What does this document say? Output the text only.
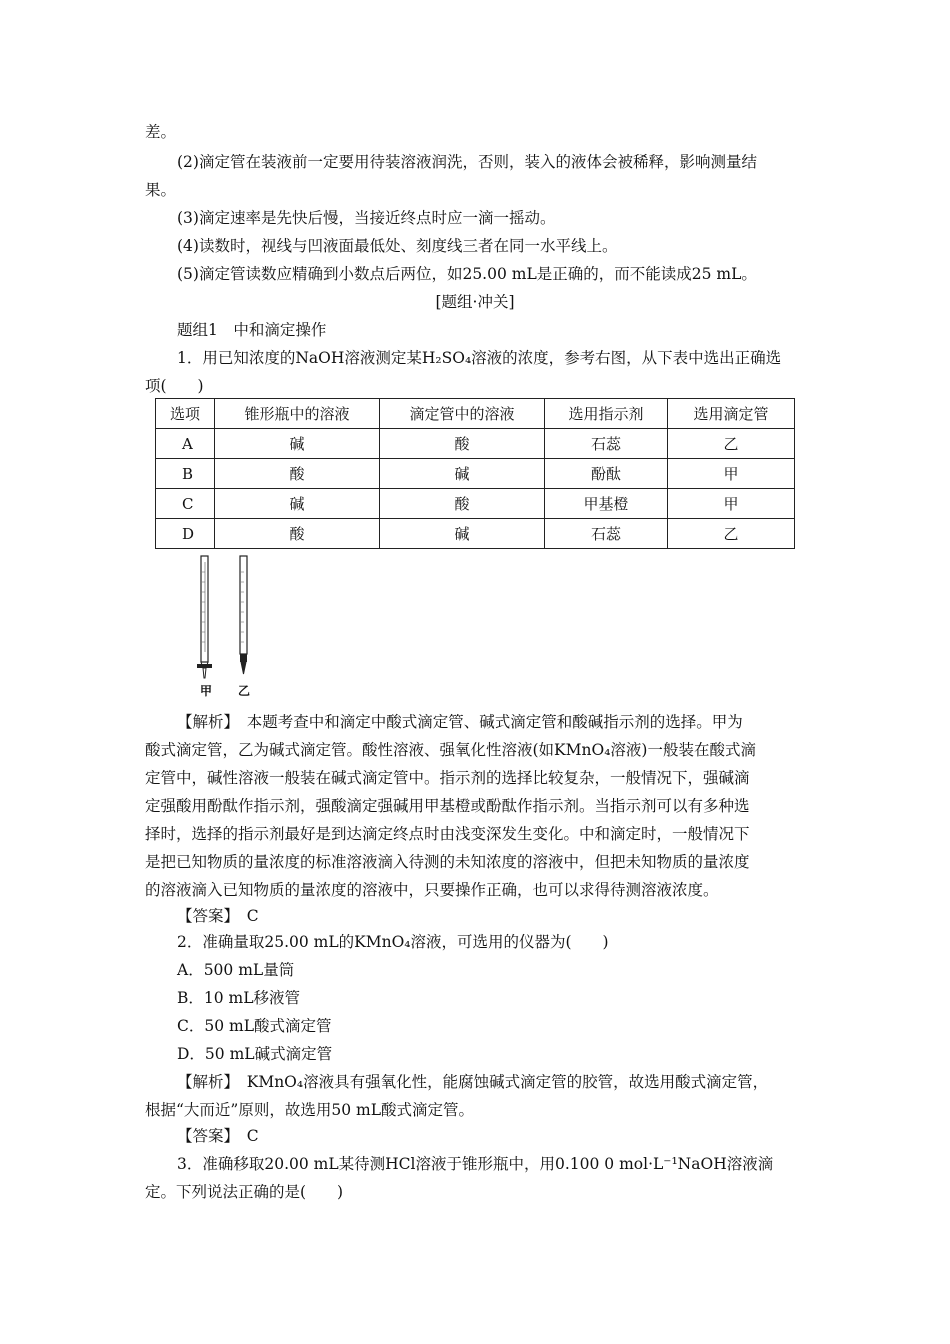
差。
(2)滴定管在装液前一定要用待装溶液润洗，否则，装入的液体会被稀释，影响测量结
果。
(3)滴定速率是先快后慢，当接近终点时应一滴一摇动。
(4)读数时，视线与凹液面最低处、刻度线三者在同一水平线上。
(5)滴定管读数应精确到小数点后两位，如25.00 mL是正确的，而不能读成25 mL。
[题组·冲关]
题组1　中和滴定操作
1．用已知浓度的NaOH溶液测定某H₂SO₄溶液的浓度，参考右图，从下表中选出正确选
项(　　)
选项	锥形瓶中的溶液	滴定管中的溶液	选用指示剂	选用滴定管
A	碱	酸	石蕊	乙
B	酸	碱	酚酞	甲
C	碱	酸	甲基橙	甲
D	酸	碱	石蕊	乙
甲 乙
【解析】　本题考查中和滴定中酸式滴定管、碱式滴定管和酸碱指示剂的选择。甲为
酸式滴定管，乙为碱式滴定管。酸性溶液、强氧化性溶液(如KMnO₄溶液)一般装在酸式滴
定管中，碱性溶液一般装在碱式滴定管中。指示剂的选择比较复杂，一般情况下，强碱滴
定强酸用酚酞作指示剂，强酸滴定强碱用甲基橙或酚酞作指示剂。当指示剂可以有多种选
择时，选择的指示剂最好是到达滴定终点时由浅变深发生变化。中和滴定时，一般情况下
是把已知物质的量浓度的标准溶液滴入待测的未知浓度的溶液中，但把未知物质的量浓度
的溶液滴入已知物质的量浓度的溶液中，只要操作正确，也可以求得待测溶液浓度。
【答案】　C
2．准确量取25.00 mL的KMnO₄溶液，可选用的仪器为(　　)
A．500 mL量筒
B．10 mL移液管
C．50 mL酸式滴定管
D．50 mL碱式滴定管
【解析】　KMnO₄溶液具有强氧化性，能腐蚀碱式滴定管的胶管，故选用酸式滴定管，
根据“大而近”原则，故选用50 mL酸式滴定管。
【答案】　C
3．准确移取20.00 mL某待测HCl溶液于锥形瓶中，用0.100 0 mol·L⁻¹NaOH溶液滴
定。下列说法正确的是(　　)
